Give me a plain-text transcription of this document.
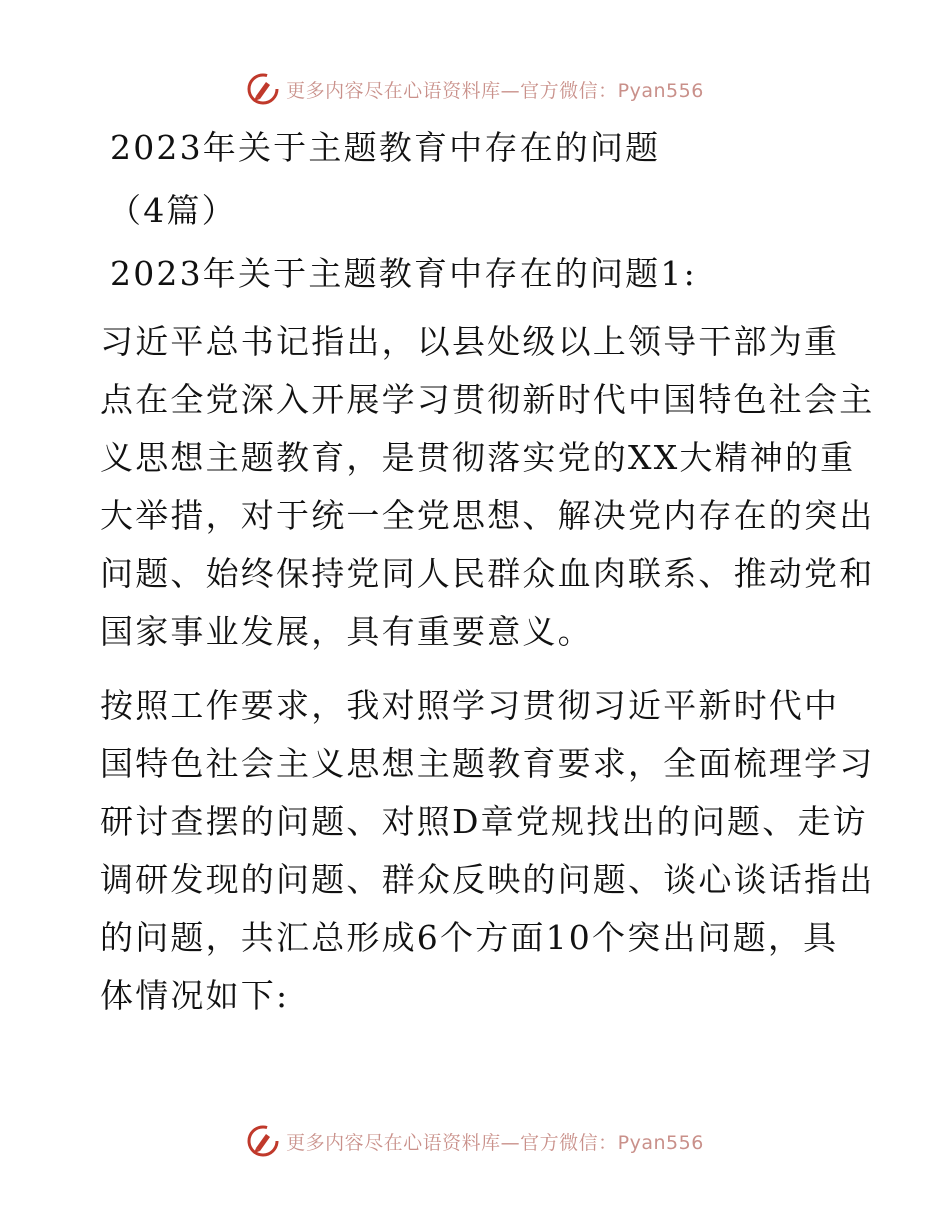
更多内容尽在心语资料库—官方微信：Pyan556

2023年关于主题教育中存在的问题

（4篇）

2023年关于主题教育中存在的问题1:

习近平总书记指出，以县处级以上领导干部为重

点在全党深入开展学习贯彻新时代中国特色社会主

义思想主题教育，是贯彻落实党的XX大精神的重

大举措，对于统一全党思想、解决党内存在的突出

问题、始终保持党同人民群众血肉联系、推动党和

国家事业发展，具有重要意义。

按照工作要求，我对照学习贯彻习近平新时代中

国特色社会主义思想主题教育要求，全面梳理学习

研讨查摆的问题、对照D章党规找出的问题、走访

调研发现的问题、群众反映的问题、谈心谈话指出

的问题，共汇总形成6个方面10个突出问题，具

体情况如下:

更多内容尽在心语资料库—官方微信：Pyan556
